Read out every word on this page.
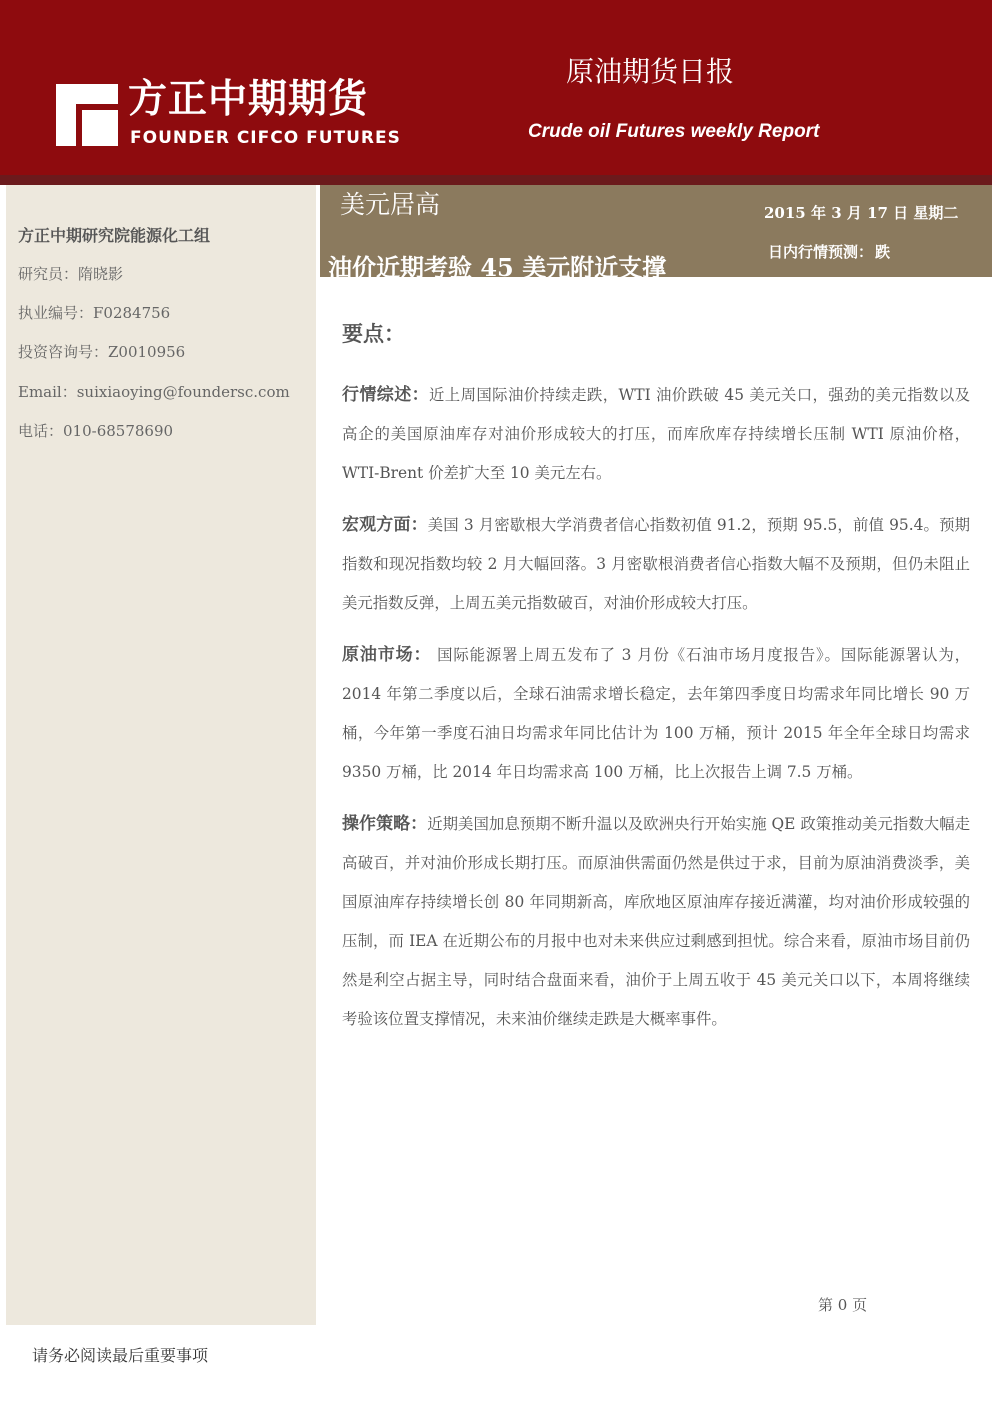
方正中期期货
FOUNDER CIFCO FUTURES
原油期货日报
Crude oil Futures weekly Report
方正中期研究院能源化工组
研究员：隋晓影
执业编号：F0284756
投资咨询号：Z0010956
Email：suixiaoying@foundersc.com
电话：010-68578690
美元居高
油价近期考验 45 美元附近支撑
2015 年 3 月 17 日 星期二
日内行情预测： 跌
要点：

行情综述：近上周国际油价持续走跌，WTI 油价跌破 45 美元关口，强劲的美元指数以及高企的美国原油库存对油价形成较大的打压，而库欣库存持续增长压制 WTI 原油价格，WTI-Brent 价差扩大至 10 美元左右。

宏观方面：美国 3 月密歇根大学消费者信心指数初值 91.2，预期 95.5，前值 95.4。预期指数和现况指数均较 2 月大幅回落。3 月密歇根消费者信心指数大幅不及预期，但仍未阻止美元指数反弹，上周五美元指数破百，对油价形成较大打压。

原油市场： 国际能源署上周五发布了 3 月份《石油市场月度报告》。国际能源署认为，2014 年第二季度以后，全球石油需求增长稳定，去年第四季度日均需求年同比增长 90 万桶，今年第一季度石油日均需求年同比估计为 100 万桶，预计 2015 年全年全球日均需求 9350 万桶，比 2014 年日均需求高 100 万桶，比上次报告上调 7.5 万桶。

操作策略：近期美国加息预期不断升温以及欧洲央行开始实施 QE 政策推动美元指数大幅走高破百，并对油价形成长期打压。而原油供需面仍然是供过于求，目前为原油消费淡季，美国原油库存持续增长创 80 年同期新高，库欣地区原油库存接近满灌，均对油价形成较强的压制，而 IEA 在近期公布的月报中也对未来供应过剩感到担忧。综合来看，原油市场目前仍然是利空占据主导，同时结合盘面来看，油价于上周五收于 45 美元关口以下，本周将继续考验该位置支撑情况，未来油价继续走跌是大概率事件。

第 0 页
请务必阅读最后重要事项
